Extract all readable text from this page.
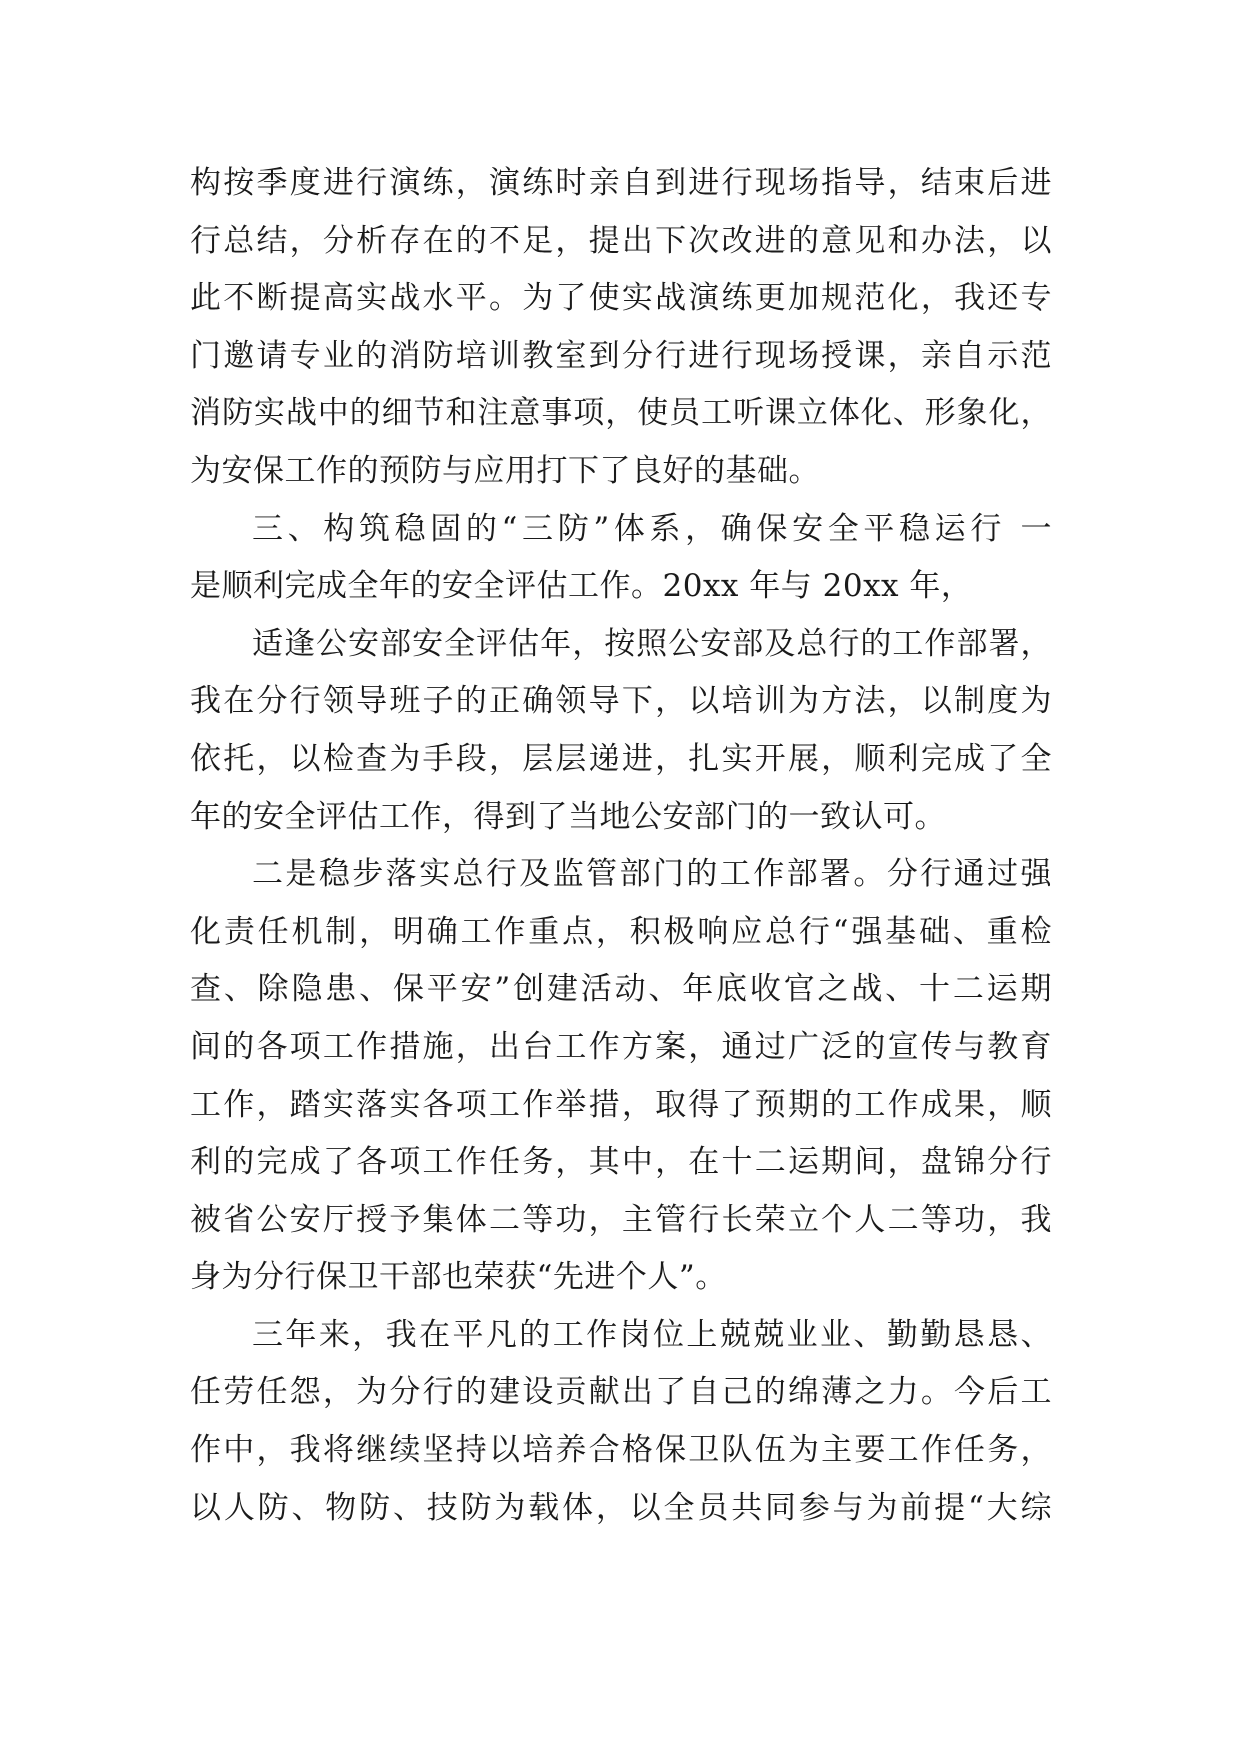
构按季度进行演练，演练时亲自到进行现场指导，结束后进
行总结，分析存在的不足，提出下次改进的意见和办法，以
此不断提高实战水平。为了使实战演练更加规范化，我还专
门邀请专业的消防培训教室到分行进行现场授课，亲自示范
消防实战中的细节和注意事项，使员工听课立体化、形象化，
为安保工作的预防与应用打下了良好的基础。
三、构筑稳固的“三防”体系，确保安全平稳运行 一
是顺利完成全年的安全评估工作。20xx 年与 20xx 年，
适逢公安部安全评估年，按照公安部及总行的工作部署，
我在分行领导班子的正确领导下，以培训为方法，以制度为
依托，以检查为手段，层层递进，扎实开展，顺利完成了全
年的安全评估工作，得到了当地公安部门的一致认可。
二是稳步落实总行及监管部门的工作部署。分行通过强
化责任机制，明确工作重点，积极响应总行“强基础、重检
查、除隐患、保平安”创建活动、年底收官之战、十二运期
间的各项工作措施，出台工作方案，通过广泛的宣传与教育
工作，踏实落实各项工作举措，取得了预期的工作成果，顺
利的完成了各项工作任务，其中，在十二运期间，盘锦分行
被省公安厅授予集体二等功，主管行长荣立个人二等功，我
身为分行保卫干部也荣获“先进个人”。
三年来，我在平凡的工作岗位上兢兢业业、勤勤恳恳、
任劳任怨，为分行的建设贡献出了自己的绵薄之力。今后工
作中，我将继续坚持以培养合格保卫队伍为主要工作任务，
以人防、物防、技防为载体，以全员共同参与为前提“大综
